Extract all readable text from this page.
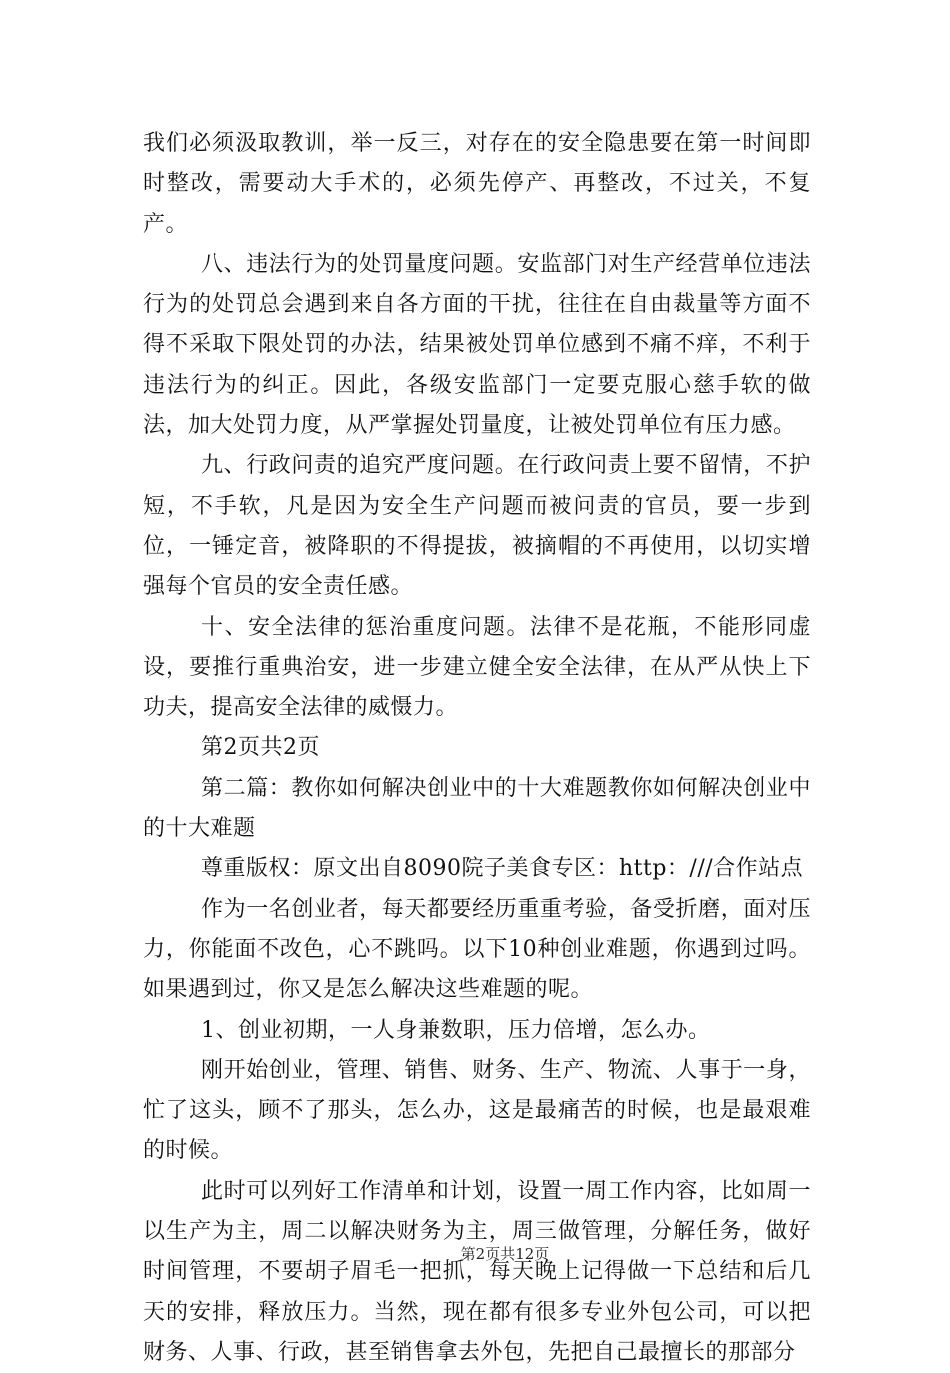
我们必须汲取教训，举一反三，对存在的安全隐患要在第一时间即时整改，需要动大手术的，必须先停产、再整改，不过关，不复产。

八、违法行为的处罚量度问题。安监部门对生产经营单位违法行为的处罚总会遇到来自各方面的干扰，往往在自由裁量等方面不得不采取下限处罚的办法，结果被处罚单位感到不痛不痒，不利于违法行为的纠正。因此，各级安监部门一定要克服心慈手软的做法，加大处罚力度，从严掌握处罚量度，让被处罚单位有压力感。

九、行政问责的追究严度问题。在行政问责上要不留情，不护短，不手软，凡是因为安全生产问题而被问责的官员，要一步到位，一锤定音，被降职的不得提拔，被摘帽的不再使用，以切实增强每个官员的安全责任感。

十、安全法律的惩治重度问题。法律不是花瓶，不能形同虚设，要推行重典治安，进一步建立健全安全法律，在从严从快上下功夫，提高安全法律的威慑力。

第2页共2页

第二篇：教你如何解决创业中的十大难题教你如何解决创业中的十大难题

尊重版权：原文出自8090院子美食专区：http：///合作站点

作为一名创业者，每天都要经历重重考验，备受折磨，面对压力，你能面不改色，心不跳吗。以下10种创业难题，你遇到过吗。如果遇到过，你又是怎么解决这些难题的呢。

1、创业初期，一人身兼数职，压力倍增，怎么办。

刚开始创业，管理、销售、财务、生产、物流、人事于一身，忙了这头，顾不了那头，怎么办，这是最痛苦的时候，也是最艰难的时候。

此时可以列好工作清单和计划，设置一周工作内容，比如周一以生产为主，周二以解决财务为主，周三做管理，分解任务，做好时间管理，不要胡子眉毛一把抓，每天晚上记得做一下总结和后几天的安排，释放压力。当然，现在都有很多专业外包公司，可以把财务、人事、行政，甚至销售拿去外包，先把自己最擅长的那部分

第2页共12页
